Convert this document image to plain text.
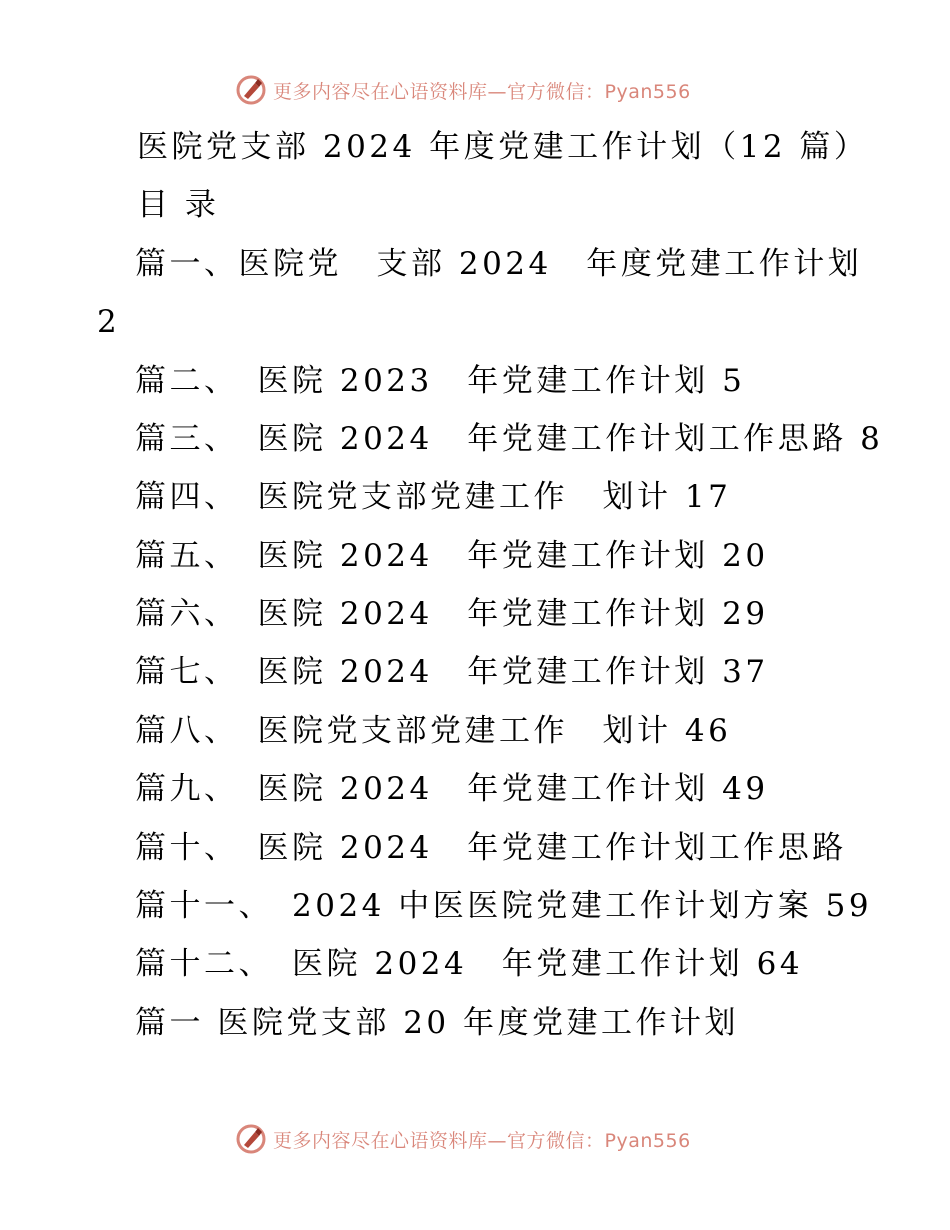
更多内容尽在心语资料库—官方微信：Pyan556
医院党支部 2024 年度党建工作计划（12 篇）
目 录
篇一、医院党　支部 2024　年度党建工作计划
2
篇二、　医院 2023　年党建工作计划 5
篇三、　医院 2024　年党建工作计划工作思路 8
篇四、　医院党支部党建工作　划计 17
篇五、　医院 2024　年党建工作计划 20
篇六、　医院 2024　年党建工作计划 29
篇七、　医院 2024　年党建工作计划 37
篇八、　医院党支部党建工作　划计 46
篇九、　医院 2024　年党建工作计划 49
篇十、　医院 2024　年党建工作计划工作思路
篇十一、　2024 中医医院党建工作计划方案 59
篇十二、　医院 2024　年党建工作计划 64
篇一 医院党支部 20 年度党建工作计划
更多内容尽在心语资料库—官方微信：Pyan556
